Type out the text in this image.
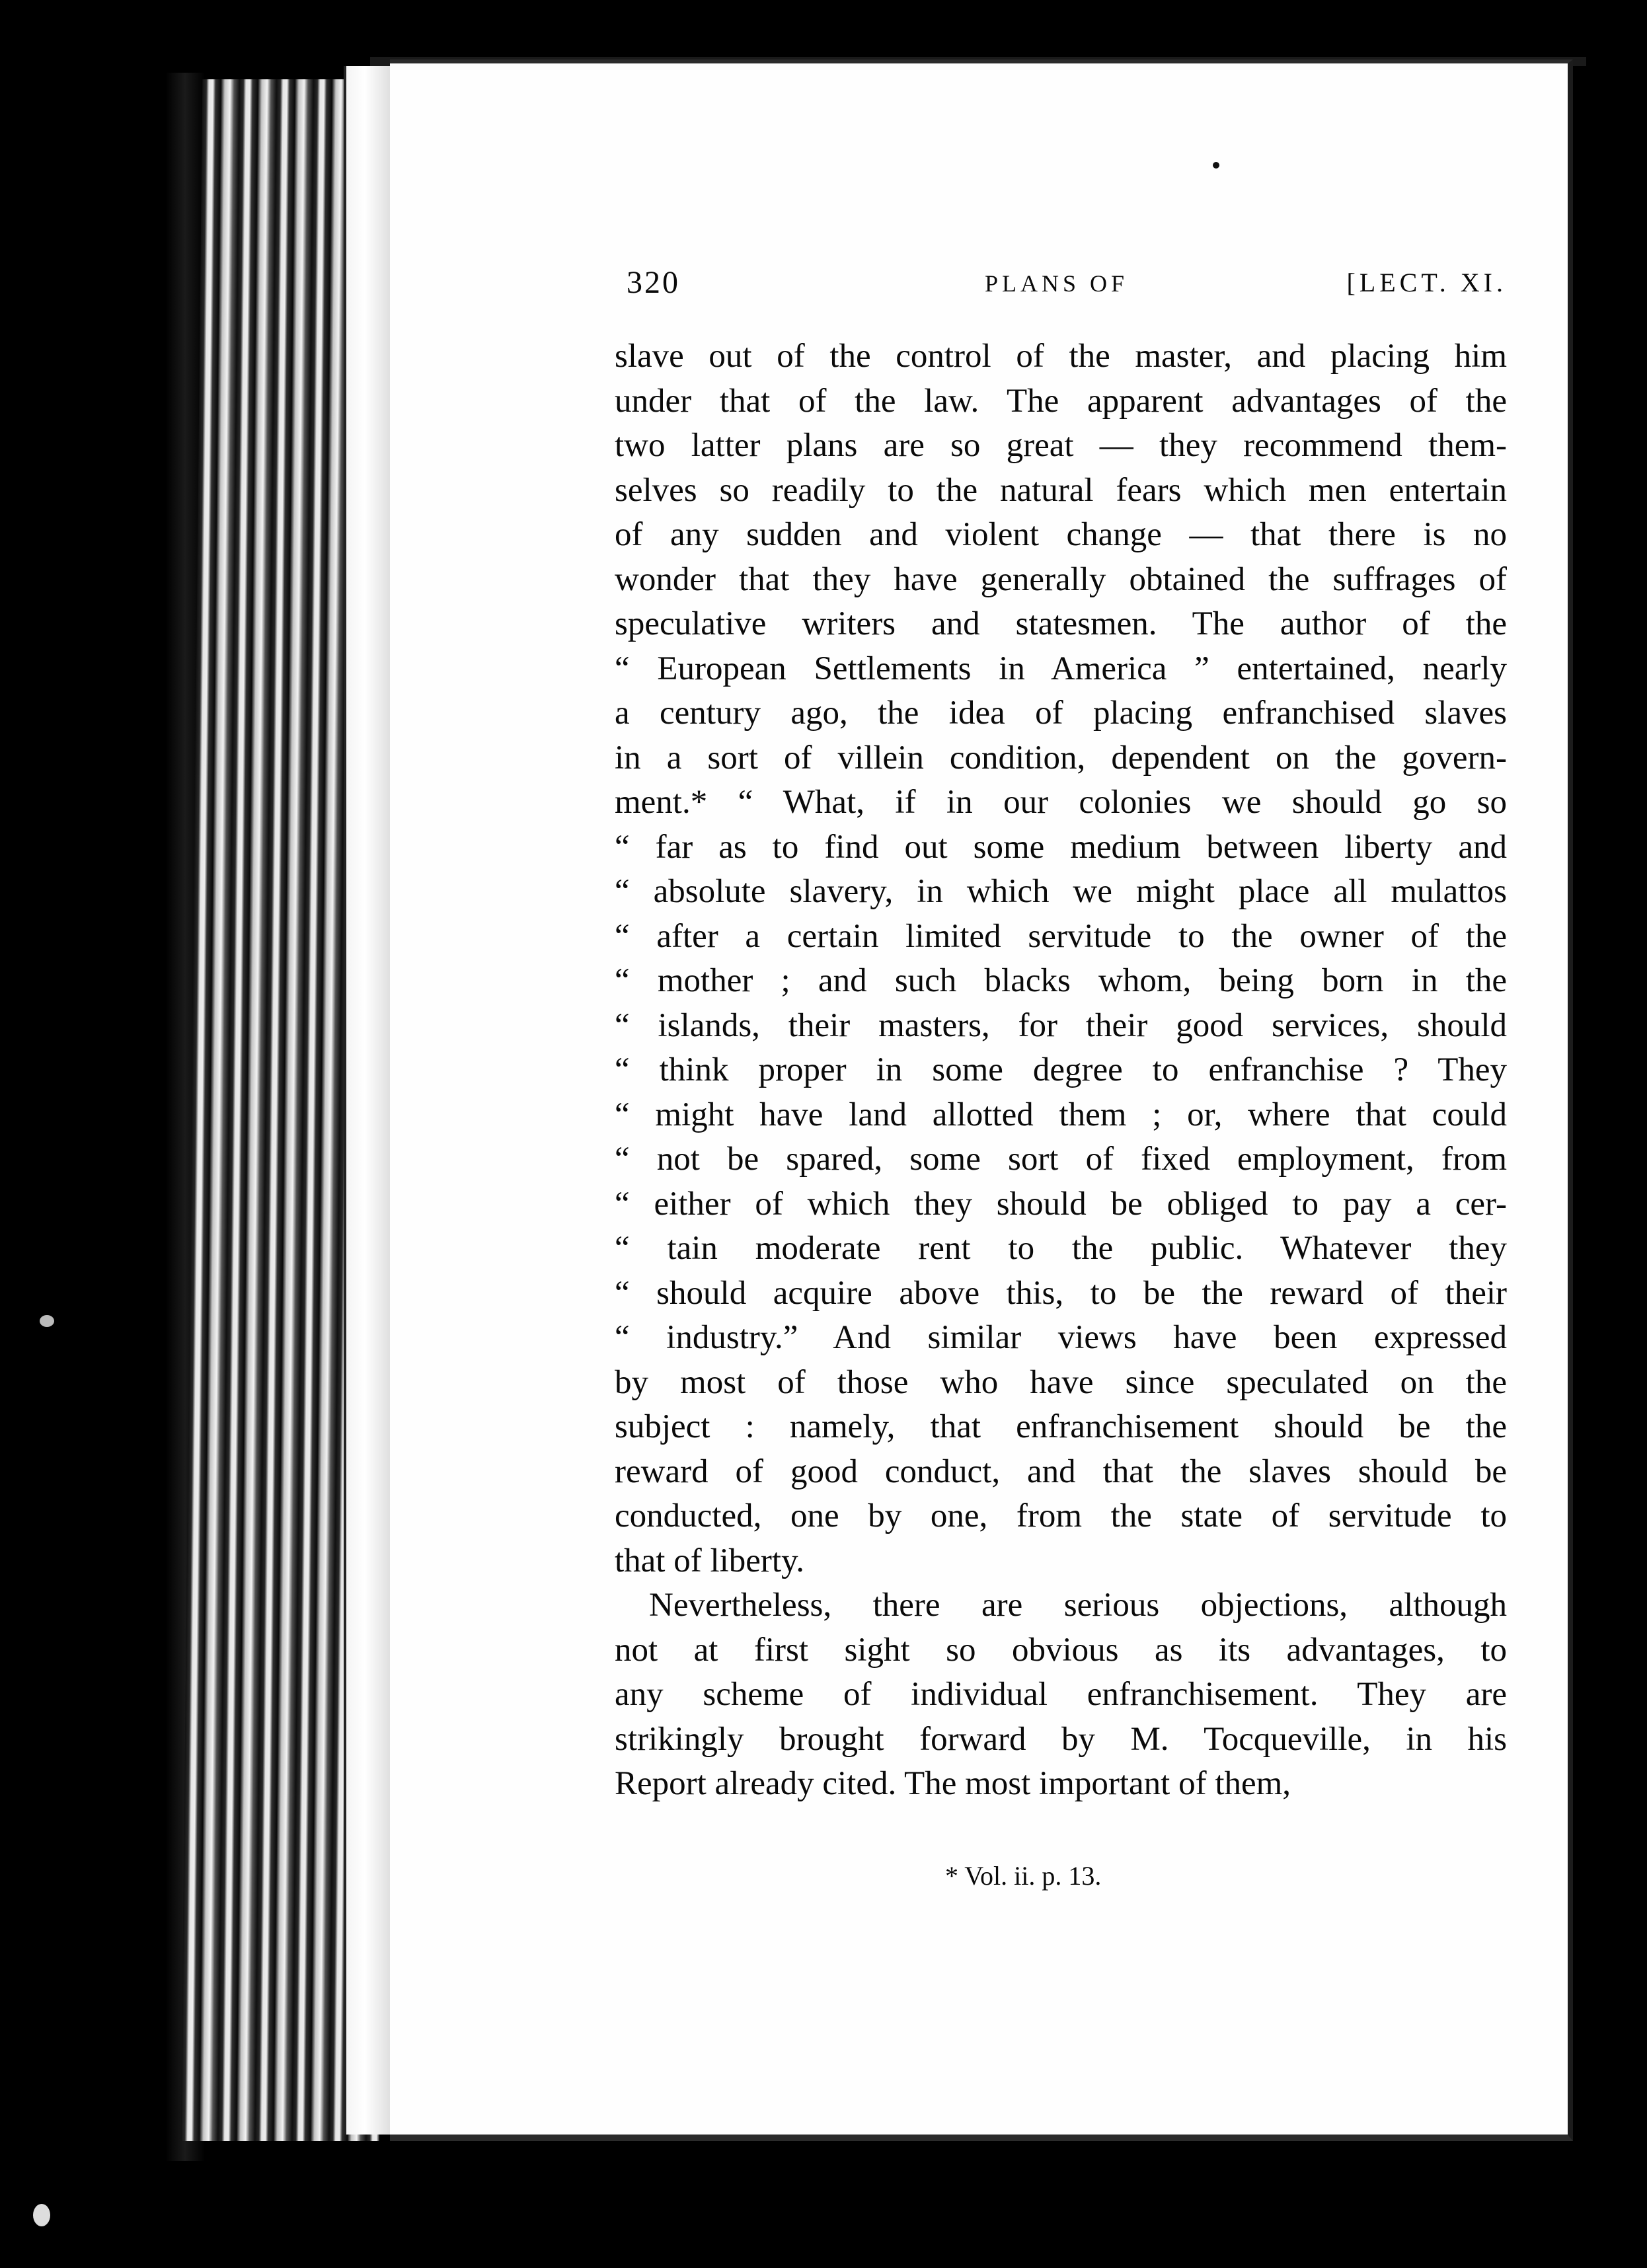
320	PLANS OF	[LECT. XI.
slave out of the control of the master, and placing him
under that of the law. The apparent advantages of the
two latter plans are so great — they recommend them-
selves so readily to the natural fears which men entertain
of any sudden and violent change — that there is no
wonder that they have generally obtained the suffrages of
speculative writers and statesmen. The author of the
“ European Settlements in America ” entertained, nearly
a century ago, the idea of placing enfranchised slaves
in a sort of villein condition, dependent on the govern-
ment.* “ What, if in our colonies we should go so
“ far as to find out some medium between liberty and
“ absolute slavery, in which we might place all mulattos
“ after a certain limited servitude to the owner of the
“ mother ; and such blacks whom, being born in the
“ islands, their masters, for their good services, should
“ think proper in some degree to enfranchise ? They
“ might have land allotted them ; or, where that could
“ not be spared, some sort of fixed employment, from
“ either of which they should be obliged to pay a cer-
“ tain moderate rent to the public. Whatever they
“ should acquire above this, to be the reward of their
“ industry.” And similar views have been expressed
by most of those who have since speculated on the
subject : namely, that enfranchisement should be the
reward of good conduct, and that the slaves should be
conducted, one by one, from the state of servitude to
that of liberty.
Nevertheless, there are serious objections, although
not at first sight so obvious as its advantages, to
any scheme of individual enfranchisement. They are
strikingly brought forward by M. Tocqueville, in his
Report already cited. The most important of them,
* Vol. ii. p. 13.
